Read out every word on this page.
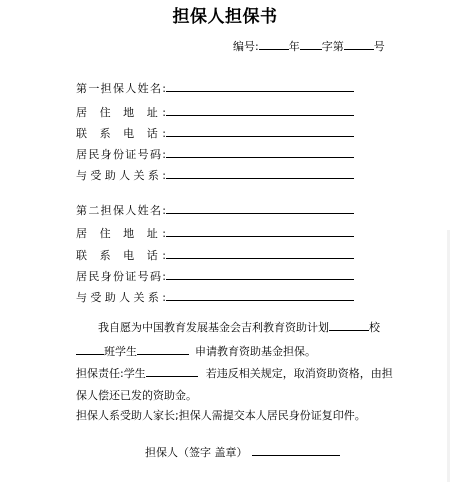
担保人担保书
编号:	年 字第	号
第一担保人姓名:
居 住 地 址:
联 系 电 话:
居民身份证号码:
与受助人关系:
第二担保人姓名:
居 住 地 址:
联 系 电 话:
居民身份证号码:
与受助人关系:
我自愿为中国教育发展基金会吉利教育资助计划	校
班学生	申请教育资助基金担保。
担保责任:学生	若违反相关规定，取消资助资格，由担
保人偿还已发的资助金。
担保人系受助人家长;担保人需提交本人居民身份证复印件。
担保人（签字 盖章）
